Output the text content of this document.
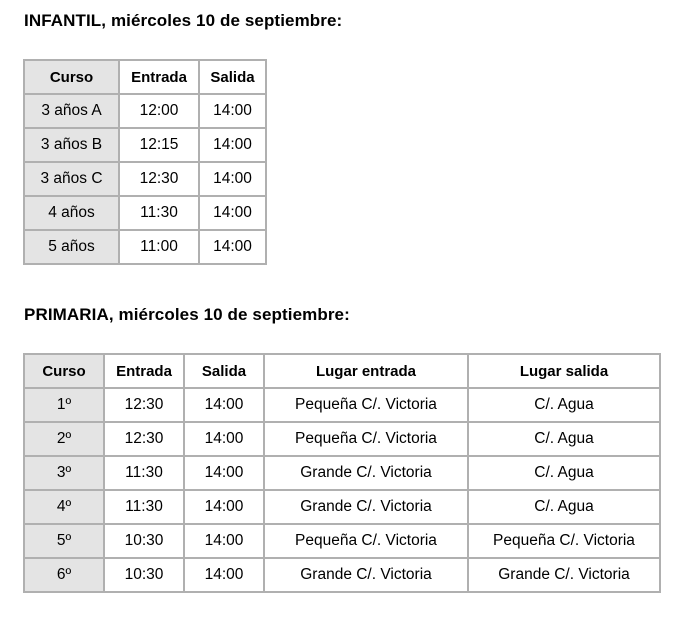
INFANTIL, miércoles 10 de septiembre:
Curso	Entrada	Salida
3 años A	12:00	14:00
3 años B	12:15	14:00
3 años C	12:30	14:00
4 años	11:30	14:00
5 años	11:00	14:00
PRIMARIA, miércoles 10 de septiembre:
Curso	Entrada	Salida	Lugar entrada	Lugar salida
1º	12:30	14:00	Pequeña C/. Victoria	C/. Agua
2º	12:30	14:00	Pequeña C/. Victoria	C/. Agua
3º	11:30	14:00	Grande C/. Victoria	C/. Agua
4º	11:30	14:00	Grande C/. Victoria	C/. Agua
5º	10:30	14:00	Pequeña C/. Victoria	Pequeña C/. Victoria
6º	10:30	14:00	Grande C/. Victoria	Grande C/. Victoria
